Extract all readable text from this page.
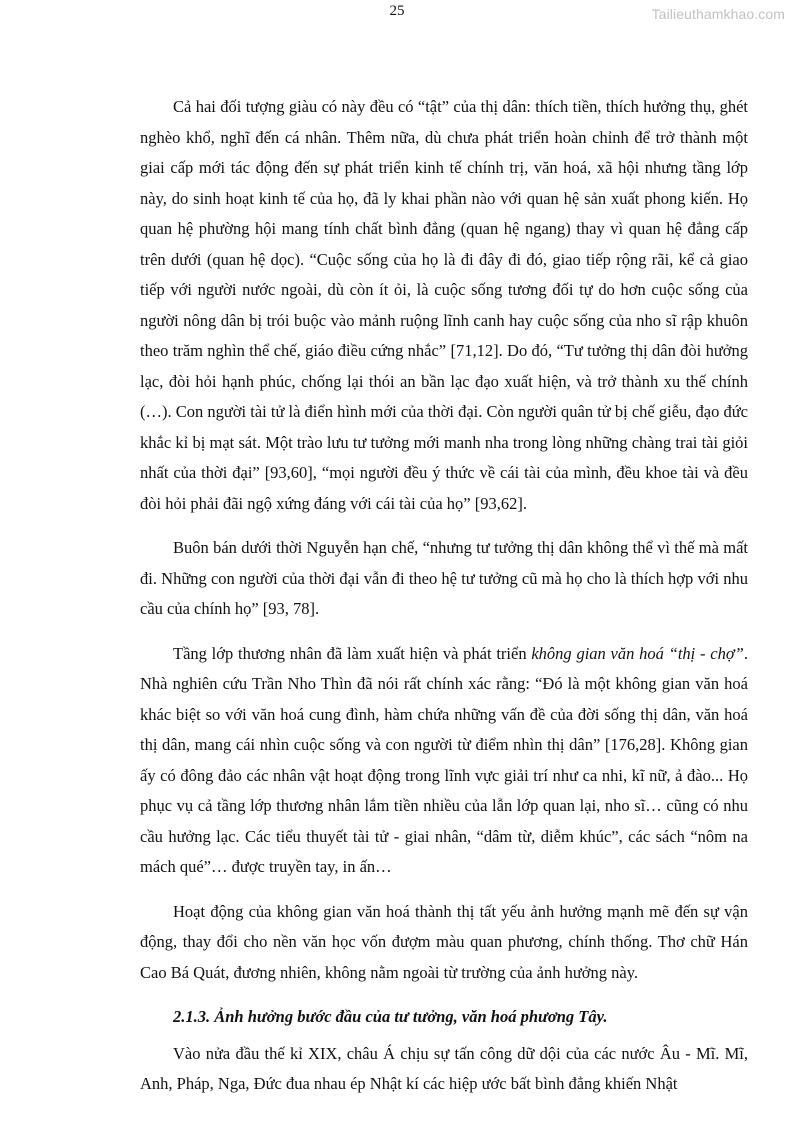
25	Tailieuthamkhao.com

Cả hai đối tượng giàu có này đều có “tật” của thị dân: thích tiền, thích hưởng thụ, ghét nghèo khổ, nghĩ đến cá nhân. Thêm nữa, dù chưa phát triển hoàn chỉnh để trở thành một giai cấp mới tác động đến sự phát triển kinh tế chính trị, văn hoá, xã hội nhưng tầng lớp này, do sinh hoạt kinh tế của họ, đã ly khai phần nào với quan hệ sản xuất phong kiến. Họ quan hệ phường hội mang tính chất bình đẳng (quan hệ ngang) thay vì quan hệ đẳng cấp trên dưới (quan hệ dọc). “Cuộc sống của họ là đi đây đi đó, giao tiếp rộng rãi, kể cả giao tiếp với người nước ngoài, dù còn ít ỏi, là cuộc sống tương đối tự do hơn cuộc sống của người nông dân bị trói buộc vào mảnh ruộng lĩnh canh hay cuộc sống của nho sĩ rập khuôn theo trăm nghìn thể chế, giáo điều cứng nhắc” [71,12]. Do đó, “Tư tưởng thị dân đòi hưởng lạc, đòi hỏi hạnh phúc, chống lại thói an bần lạc đạo xuất hiện, và trở thành xu thế chính (…). Con người tài tử là điển hình mới của thời đại. Còn người quân tử bị chế giễu, đạo đức khắc kỉ bị mạt sát. Một trào lưu tư tưởng mới manh nha trong lòng những chàng trai tài giỏi nhất của thời đại” [93,60], “mọi người đều ý thức về cái tài của mình, đều khoe tài và đều đòi hỏi phải đãi ngộ xứng đáng với cái tài của họ” [93,62].

Buôn bán dưới thời Nguyễn hạn chế, “nhưng tư tưởng thị dân không thể vì thế mà mất đi. Những con người của thời đại vẫn đi theo hệ tư tưởng cũ mà họ cho là thích hợp với nhu cầu của chính họ” [93, 78].

Tầng lớp thương nhân đã làm xuất hiện và phát triển không gian văn hoá “thị - chợ”. Nhà nghiên cứu Trần Nho Thìn đã nói rất chính xác rằng: “Đó là một không gian văn hoá khác biệt so với văn hoá cung đình, hàm chứa những vấn đề của đời sống thị dân, văn hoá thị dân, mang cái nhìn cuộc sống và con người từ điểm nhìn thị dân” [176,28]. Không gian ấy có đông đảo các nhân vật hoạt động trong lĩnh vực giải trí như ca nhi, kĩ nữ, ả đào... Họ phục vụ cả tầng lớp thương nhân lắm tiền nhiều của lẫn lớp quan lại, nho sĩ… cũng có nhu cầu hưởng lạc. Các tiểu thuyết tài tử - giai nhân, “dâm từ, diễm khúc”, các sách “nôm na mách qué”… được truyền tay, in ấn…

Hoạt động của không gian văn hoá thành thị tất yếu ảnh hưởng mạnh mẽ đến sự vận động, thay đổi cho nền văn học vốn đượm màu quan phương, chính thống. Thơ chữ Hán Cao Bá Quát, đương nhiên, không nằm ngoài từ trường của ảnh hưởng này.

2.1.3. Ảnh hưởng bước đầu của tư tưởng, văn hoá phương Tây.

Vào nửa đầu thế kỉ XIX, châu Á chịu sự tấn công dữ dội của các nước Âu - Mĩ. Mĩ, Anh, Pháp, Nga, Đức đua nhau ép Nhật kí các hiệp ước bất bình đẳng khiến Nhật
